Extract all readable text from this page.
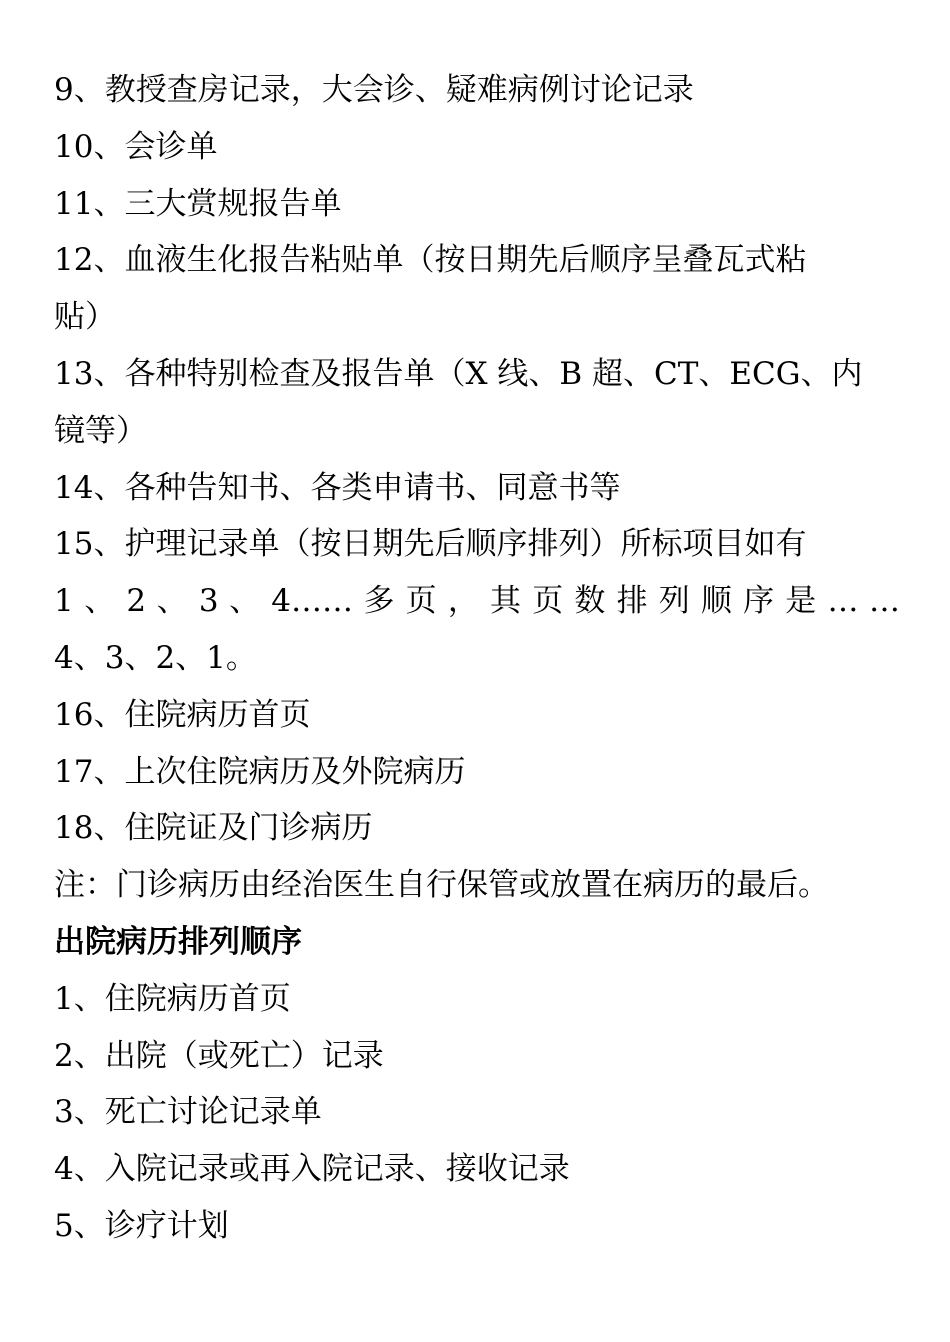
9、教授查房记录，大会诊、疑难病例讨论记录
10、会诊单
11、三大赏规报告单
12、血液生化报告粘贴单（按日期先后顺序呈叠瓦式粘
贴）
13、各种特别检查及报告单（X 线、B 超、CT、ECG、内
镜等）
14、各种告知书、各类申请书、同意书等
15、护理记录单（按日期先后顺序排列）所标项目如有
1 、 2 、 3 、 4…… 多 页 ， 其 页 数 排 列 顺 序 是 … …
4、3、2、1。
16、住院病历首页
17、上次住院病历及外院病历
18、住院证及门诊病历
注：门诊病历由经治医生自行保管或放置在病历的最后。
出院病历排列顺序
1、住院病历首页
2、出院（或死亡）记录
3、死亡讨论记录单
4、入院记录或再入院记录、接收记录
5、诊疗计划
